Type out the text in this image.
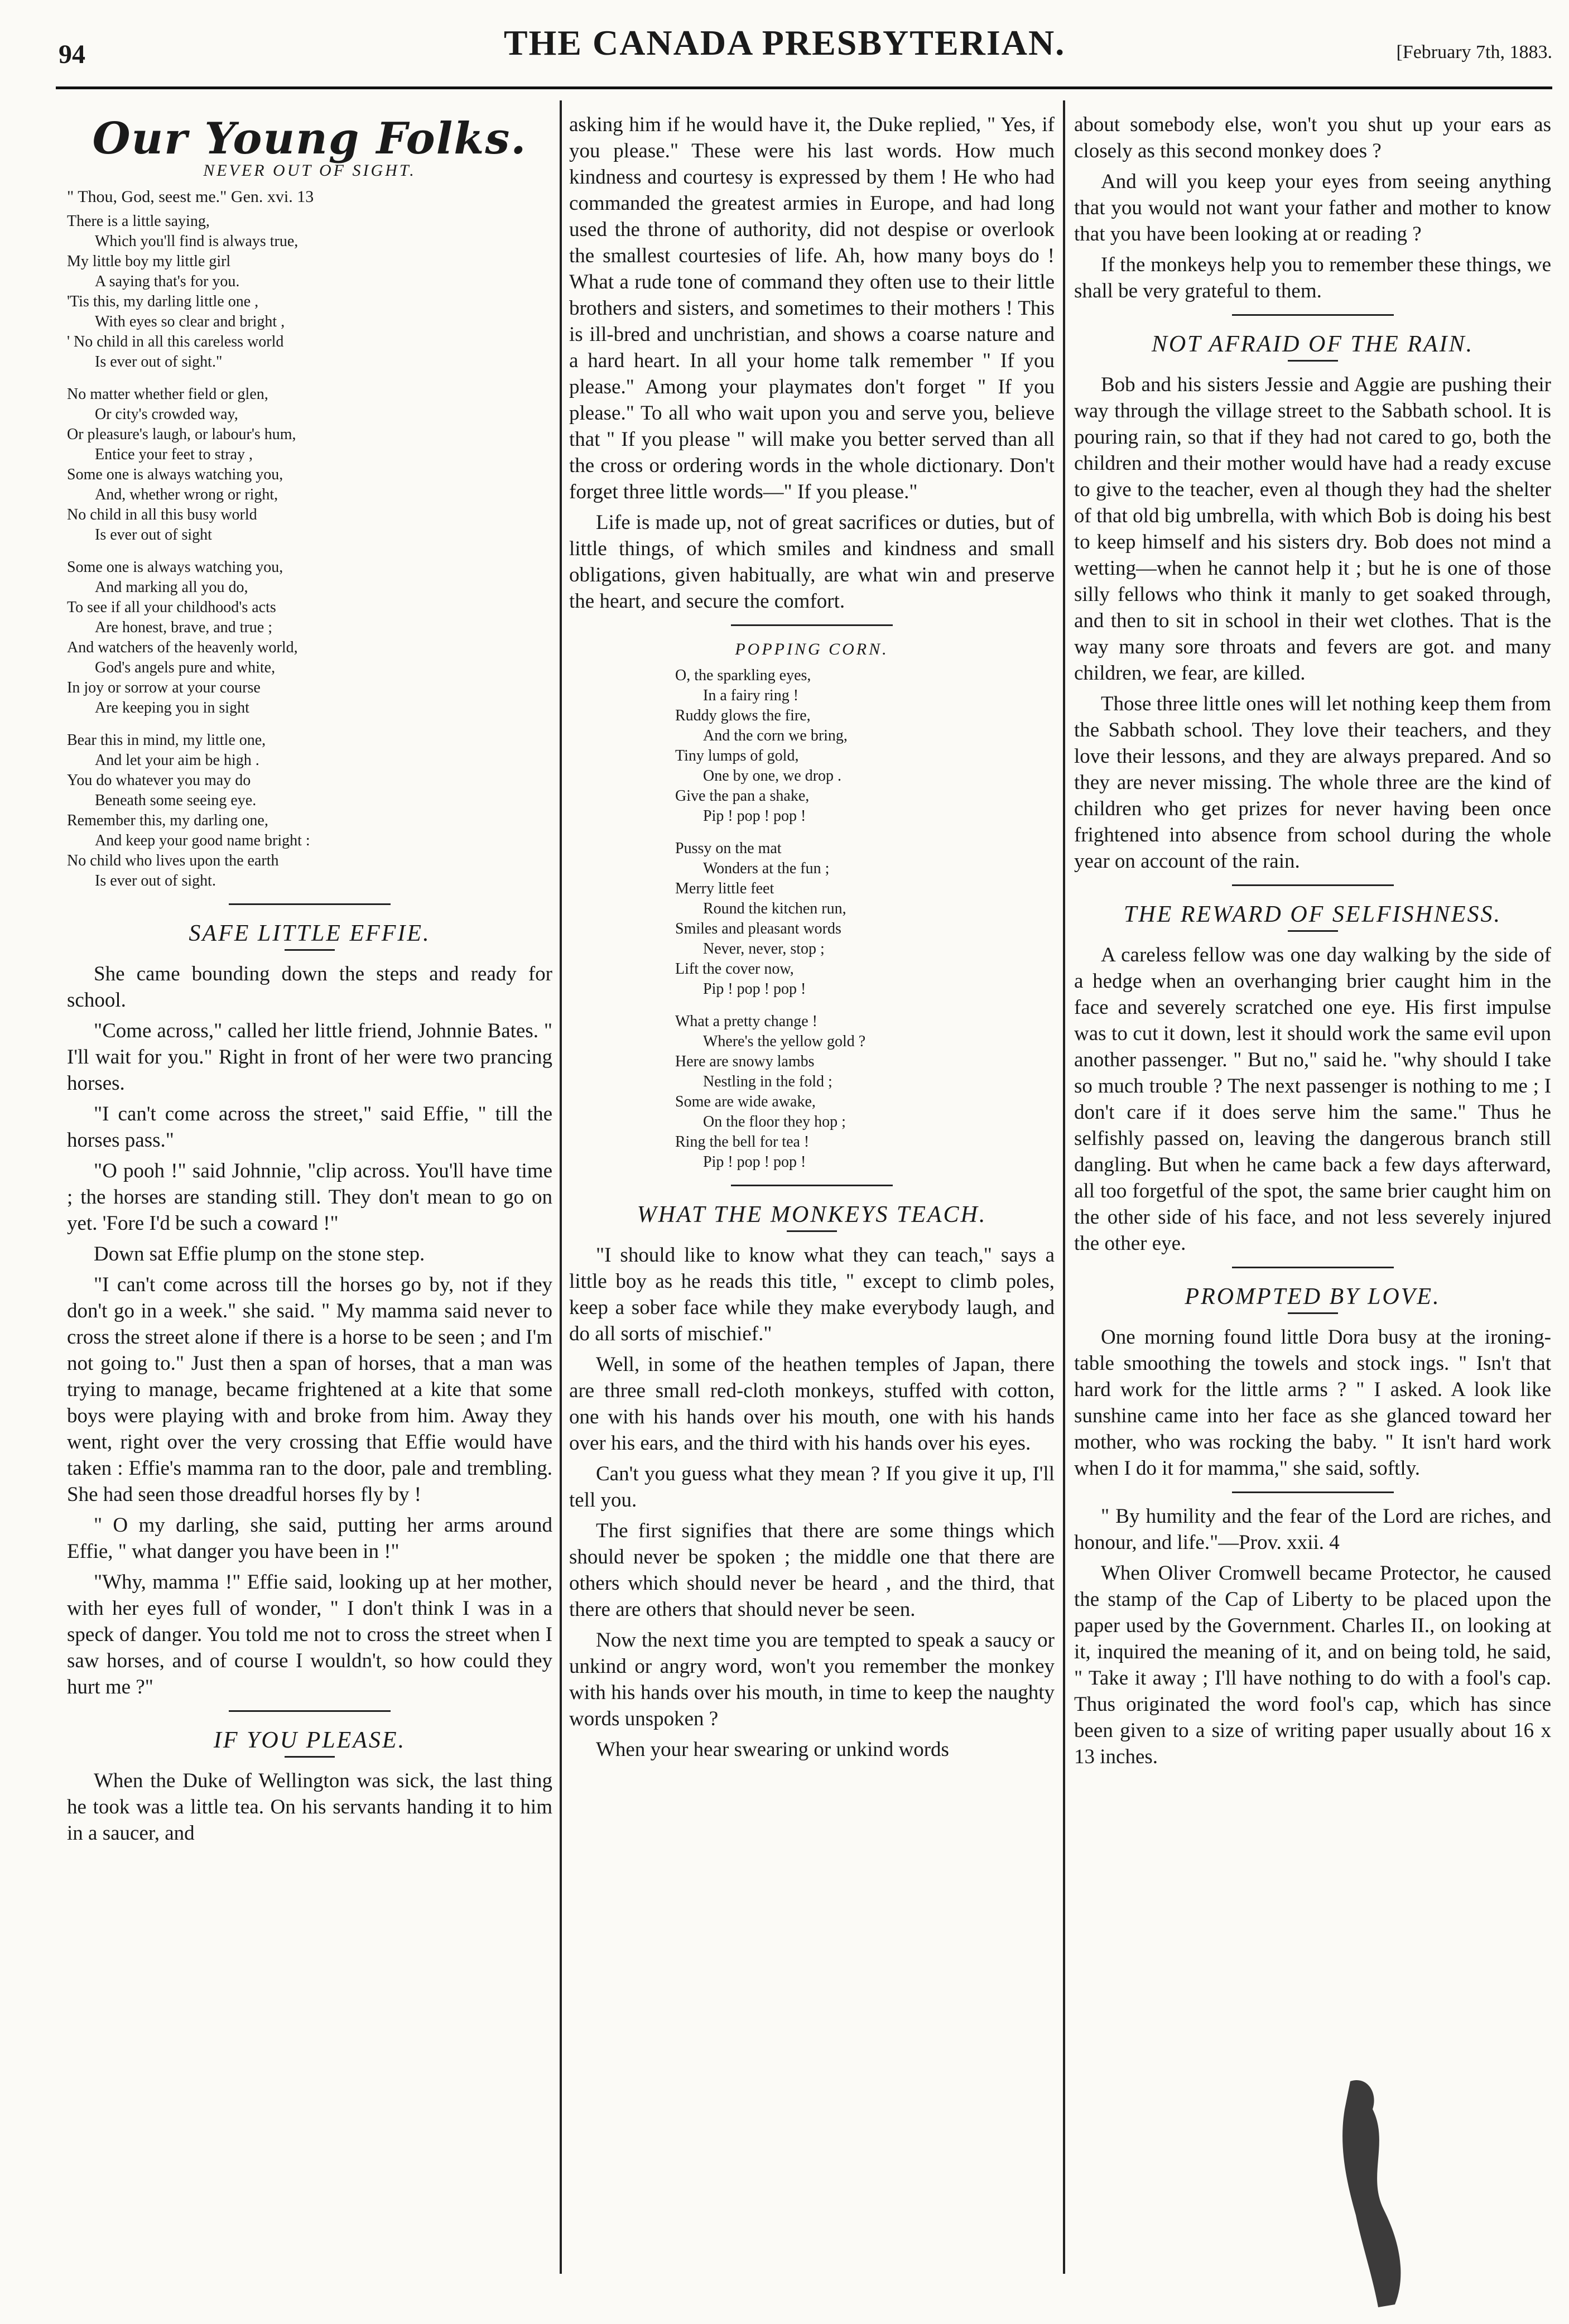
94	THE CANADA PRESBYTERIAN.	[February 7th, 1883.
Our Young Folks.
NEVER OUT OF SIGHT.
" Thou, God, seest me." Gen. xvi. 13
There is a little saying,
Which you'll find is always true,
My little boy my little girl
A saying that's for you.
'Tis this, my darling little one ,
With eyes so clear and bright ,
' No child in all this careless world
Is ever out of sight."
No matter whether field or glen,
Or city's crowded way,
Or pleasure's laugh, or labour's hum,
Entice your feet to stray ,
Some one is always watching you,
And, whether wrong or right,
No child in all this busy world
Is ever out of sight
Some one is always watching you,
And marking all you do,
To see if all your childhood's acts
Are honest, brave, and true ;
And watchers of the heavenly world,
God's angels pure and white,
In joy or sorrow at your course
Are keeping you in sight
Bear this in mind, my little one,
And let your aim be high .
You do whatever you may do
Beneath some seeing eye.
Remember this, my darling one,
And keep your good name bright :
No child who lives upon the earth
Is ever out of sight.
SAFE LITTLE EFFIE.

She came bounding down the steps and ready for school.

"Come across," called her little friend, Johnnie Bates. " I'll wait for you." Right in front of her were two prancing horses.

"I can't come across the street," said Effie, " till the horses pass."

"O pooh !" said Johnnie, "clip across. You'll have time ; the horses are standing still. They don't mean to go on yet. 'Fore I'd be such a coward !"

Down sat Effie plump on the stone step.

"I can't come across till the horses go by, not if they don't go in a week." she said. " My mamma said never to cross the street alone if there is a horse to be seen ; and I'm not going to." Just then a span of horses, that a man was trying to manage, became frightened at a kite that some boys were playing with and broke from him. Away they went, right over the very crossing that Effie would have taken : Effie's mamma ran to the door, pale and trembling. She had seen those dreadful horses fly by !

" O my darling, she said, putting her arms around Effie, " what danger you have been in !"

"Why, mamma !" Effie said, looking up at her mother, with her eyes full of wonder, " I don't think I was in a speck of danger. You told me not to cross the street when I saw horses, and of course I wouldn't, so how could they hurt me ?"

IF YOU PLEASE.

When the Duke of Wellington was sick, the last thing he took was a little tea. On his servants handing it to him in a saucer, and

asking him if he would have it, the Duke replied, " Yes, if you please." These were his last words. How much kindness and courtesy is expressed by them ! He who had commanded the greatest armies in Europe, and had long used the throne of authority, did not despise or overlook the smallest courtesies of life. Ah, how many boys do ! What a rude tone of command they often use to their little brothers and sisters, and sometimes to their mothers ! This is ill-bred and unchristian, and shows a coarse nature and a hard heart. In all your home talk remember " If you please." Among your playmates don't forget " If you please." To all who wait upon you and serve you, believe that " If you please " will make you better served than all the cross or ordering words in the whole dictionary. Don't forget three little words—" If you please."

Life is made up, not of great sacrifices or duties, but of little things, of which smiles and kindness and small obligations, given habitually, are what win and preserve the heart, and secure the comfort.

POPPING CORN.
O, the sparkling eyes,
In a fairy ring !
Ruddy glows the fire,
And the corn we bring,
Tiny lumps of gold,
One by one, we drop .
Give the pan a shake,
Pip ! pop ! pop !
Pussy on the mat
Wonders at the fun ;
Merry little feet
Round the kitchen run,
Smiles and pleasant words
Never, never, stop ;
Lift the cover now,
Pip ! pop ! pop !
What a pretty change !
Where's the yellow gold ?
Here are snowy lambs
Nestling in the fold ;
Some are wide awake,
On the floor they hop ;
Ring the bell for tea !
Pip ! pop ! pop !
WHAT THE MONKEYS TEACH.

"I should like to know what they can teach," says a little boy as he reads this title, " except to climb poles, keep a sober face while they make everybody laugh, and do all sorts of mischief."

Well, in some of the heathen temples of Japan, there are three small red-cloth monkeys, stuffed with cotton, one with his hands over his mouth, one with his hands over his ears, and the third with his hands over his eyes.

Can't you guess what they mean ? If you give it up, I'll tell you.

The first signifies that there are some things which should never be spoken ; the middle one that there are others which should never be heard , and the third, that there are others that should never be seen.

Now the next time you are tempted to speak a saucy or unkind or angry word, won't you remember the monkey with his hands over his mouth, in time to keep the naughty words unspoken ?

When your hear swearing or unkind words

about somebody else, won't you shut up your ears as closely as this second monkey does ?

And will you keep your eyes from seeing anything that you would not want your father and mother to know that you have been looking at or reading ?

If the monkeys help you to remember these things, we shall be very grateful to them.

NOT AFRAID OF THE RAIN.

Bob and his sisters Jessie and Aggie are pushing their way through the village street to the Sabbath school. It is pouring rain, so that if they had not cared to go, both the children and their mother would have had a ready excuse to give to the teacher, even al though they had the shelter of that old big umbrella, with which Bob is doing his best to keep himself and his sisters dry. Bob does not mind a wetting—when he cannot help it ; but he is one of those silly fellows who think it manly to get soaked through, and then to sit in school in their wet clothes. That is the way many sore throats and fevers are got. and many children, we fear, are killed.

Those three little ones will let nothing keep them from the Sabbath school. They love their teachers, and they love their lessons, and they are always prepared. And so they are never missing. The whole three are the kind of children who get prizes for never having been once frightened into absence from school during the whole year on account of the rain.

THE REWARD OF SELFISHNESS.

A careless fellow was one day walking by the side of a hedge when an overhanging brier caught him in the face and severely scratched one eye. His first impulse was to cut it down, lest it should work the same evil upon another passenger. " But no," said he. "why should I take so much trouble ? The next passenger is nothing to me ; I don't care if it does serve him the same." Thus he selfishly passed on, leaving the dangerous branch still dangling. But when he came back a few days afterward, all too forgetful of the spot, the same brier caught him on the other side of his face, and not less severely injured the other eye.

PROMPTED BY LOVE.

One morning found little Dora busy at the ironing-table smoothing the towels and stock ings. " Isn't that hard work for the little arms ? " I asked. A look like sunshine came into her face as she glanced toward her mother, who was rocking the baby. " It isn't hard work when I do it for mamma," she said, softly.

" By humility and the fear of the Lord are riches, and honour, and life."—Prov. xxii. 4

When Oliver Cromwell became Protector, he caused the stamp of the Cap of Liberty to be placed upon the paper used by the Government. Charles II., on looking at it, inquired the meaning of it, and on being told, he said, " Take it away ; I'll have nothing to do with a fool's cap. Thus originated the word fool's cap, which has since been given to a size of writing paper usually about 16 x 13 inches.
